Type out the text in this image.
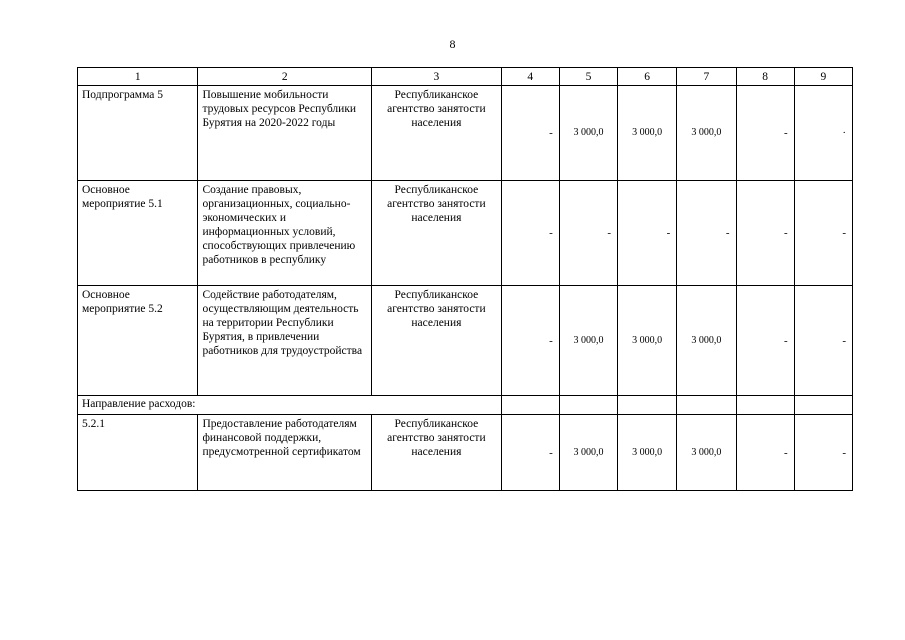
8
1	2	3	4	5	6	7	8	9
Подпрограмма 5	Повышение мобильности трудовых ресурсов Республики Бурятия на 2020-2022 годы	Республиканское агентство занятости населения	-	3 000,0	3 000,0	3 000,0	-	·
Основное мероприятие 5.1	Создание правовых, организационных, социально-экономических и информационных условий, способствующих привлечению работников в республику	Республиканское агентство занятости населения	-	-	-	-	-	-
Основное мероприятие 5.2	Содействие работодателям, осуществляющим деятельность на территории Республики Бурятия, в привлечении работников для трудоустройства	Республиканское агентство занятости населения	-	3 000,0	3 000,0	3 000,0	-	-
Направление расходов:								
5.2.1	Предоставление работодателям финансовой поддержки, предусмотренной сертификатом	Республиканское агентство занятости населения	-	3 000,0	3 000,0	3 000,0	-	-
